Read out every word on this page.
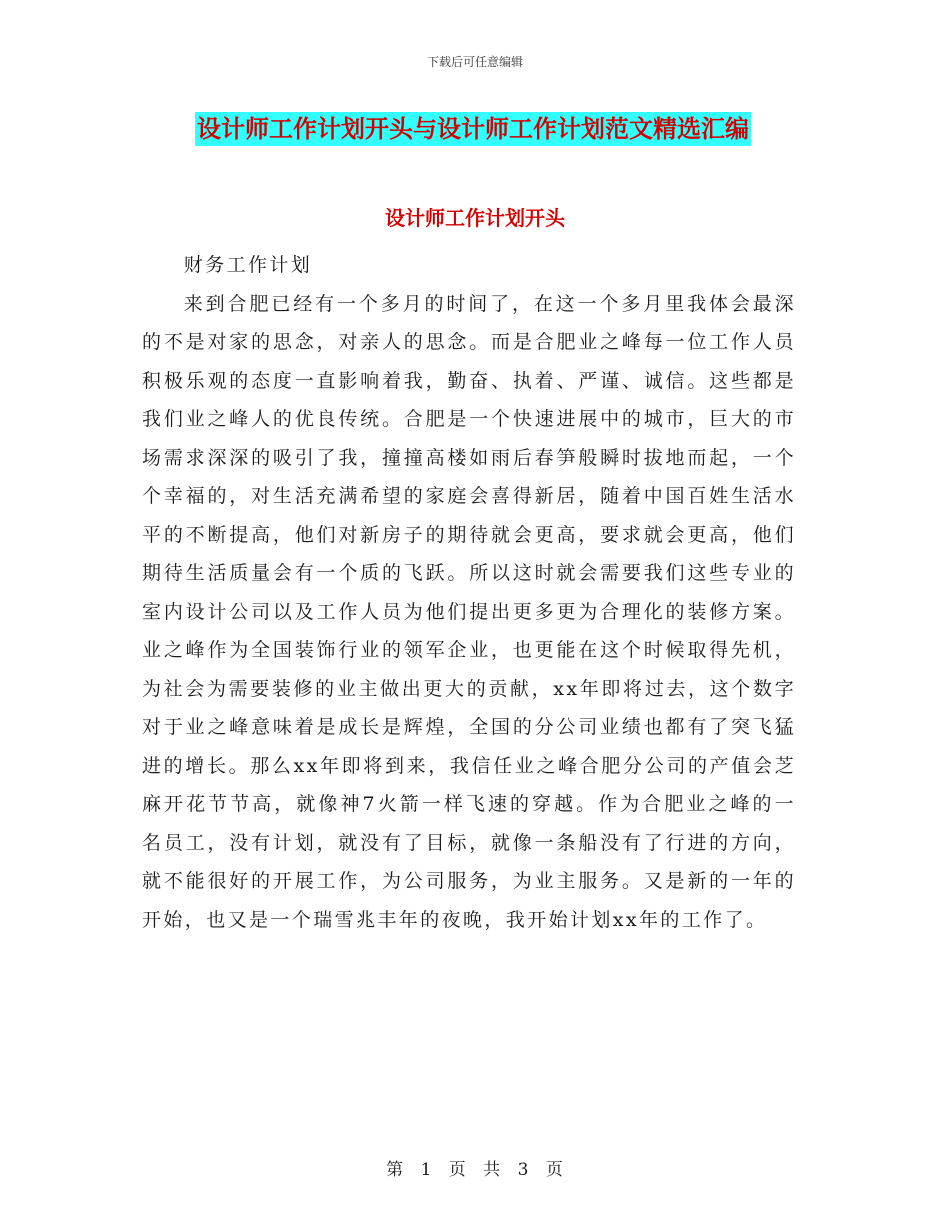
下载后可任意编辑
设计师工作计划开头与设计师工作计划范文精选汇编
设计师工作计划开头

财务工作计划

来到合肥已经有一个多月的时间了，在这一个多月里我体会最深的不是对家的思念，对亲人的思念。而是合肥业之峰每一位工作人员积极乐观的态度一直影响着我，勤奋、执着、严谨、诚信。这些都是我们业之峰人的优良传统。合肥是一个快速进展中的城市，巨大的市场需求深深的吸引了我，撞撞高楼如雨后春笋般瞬时拔地而起，一个个幸福的，对生活充满希望的家庭会喜得新居，随着中国百姓生活水平的不断提高，他们对新房子的期待就会更高，要求就会更高，他们期待生活质量会有一个质的飞跃。所以这时就会需要我们这些专业的室内设计公司以及工作人员为他们提出更多更为合理化的装修方案。业之峰作为全国装饰行业的领军企业，也更能在这个时候取得先机，为社会为需要装修的业主做出更大的贡献，xx年即将过去，这个数字对于业之峰意味着是成长是辉煌，全国的分公司业绩也都有了突飞猛进的增长。那么xx年即将到来，我信任业之峰合肥分公司的产值会芝麻开花节节高，就像神7火箭一样飞速的穿越。作为合肥业之峰的一名员工，没有计划，就没有了目标，就像一条船没有了行进的方向，就不能很好的开展工作，为公司服务，为业主服务。又是新的一年的开始，也又是一个瑞雪兆丰年的夜晚，我开始计划xx年的工作了。

第 1 页 共 3 页
